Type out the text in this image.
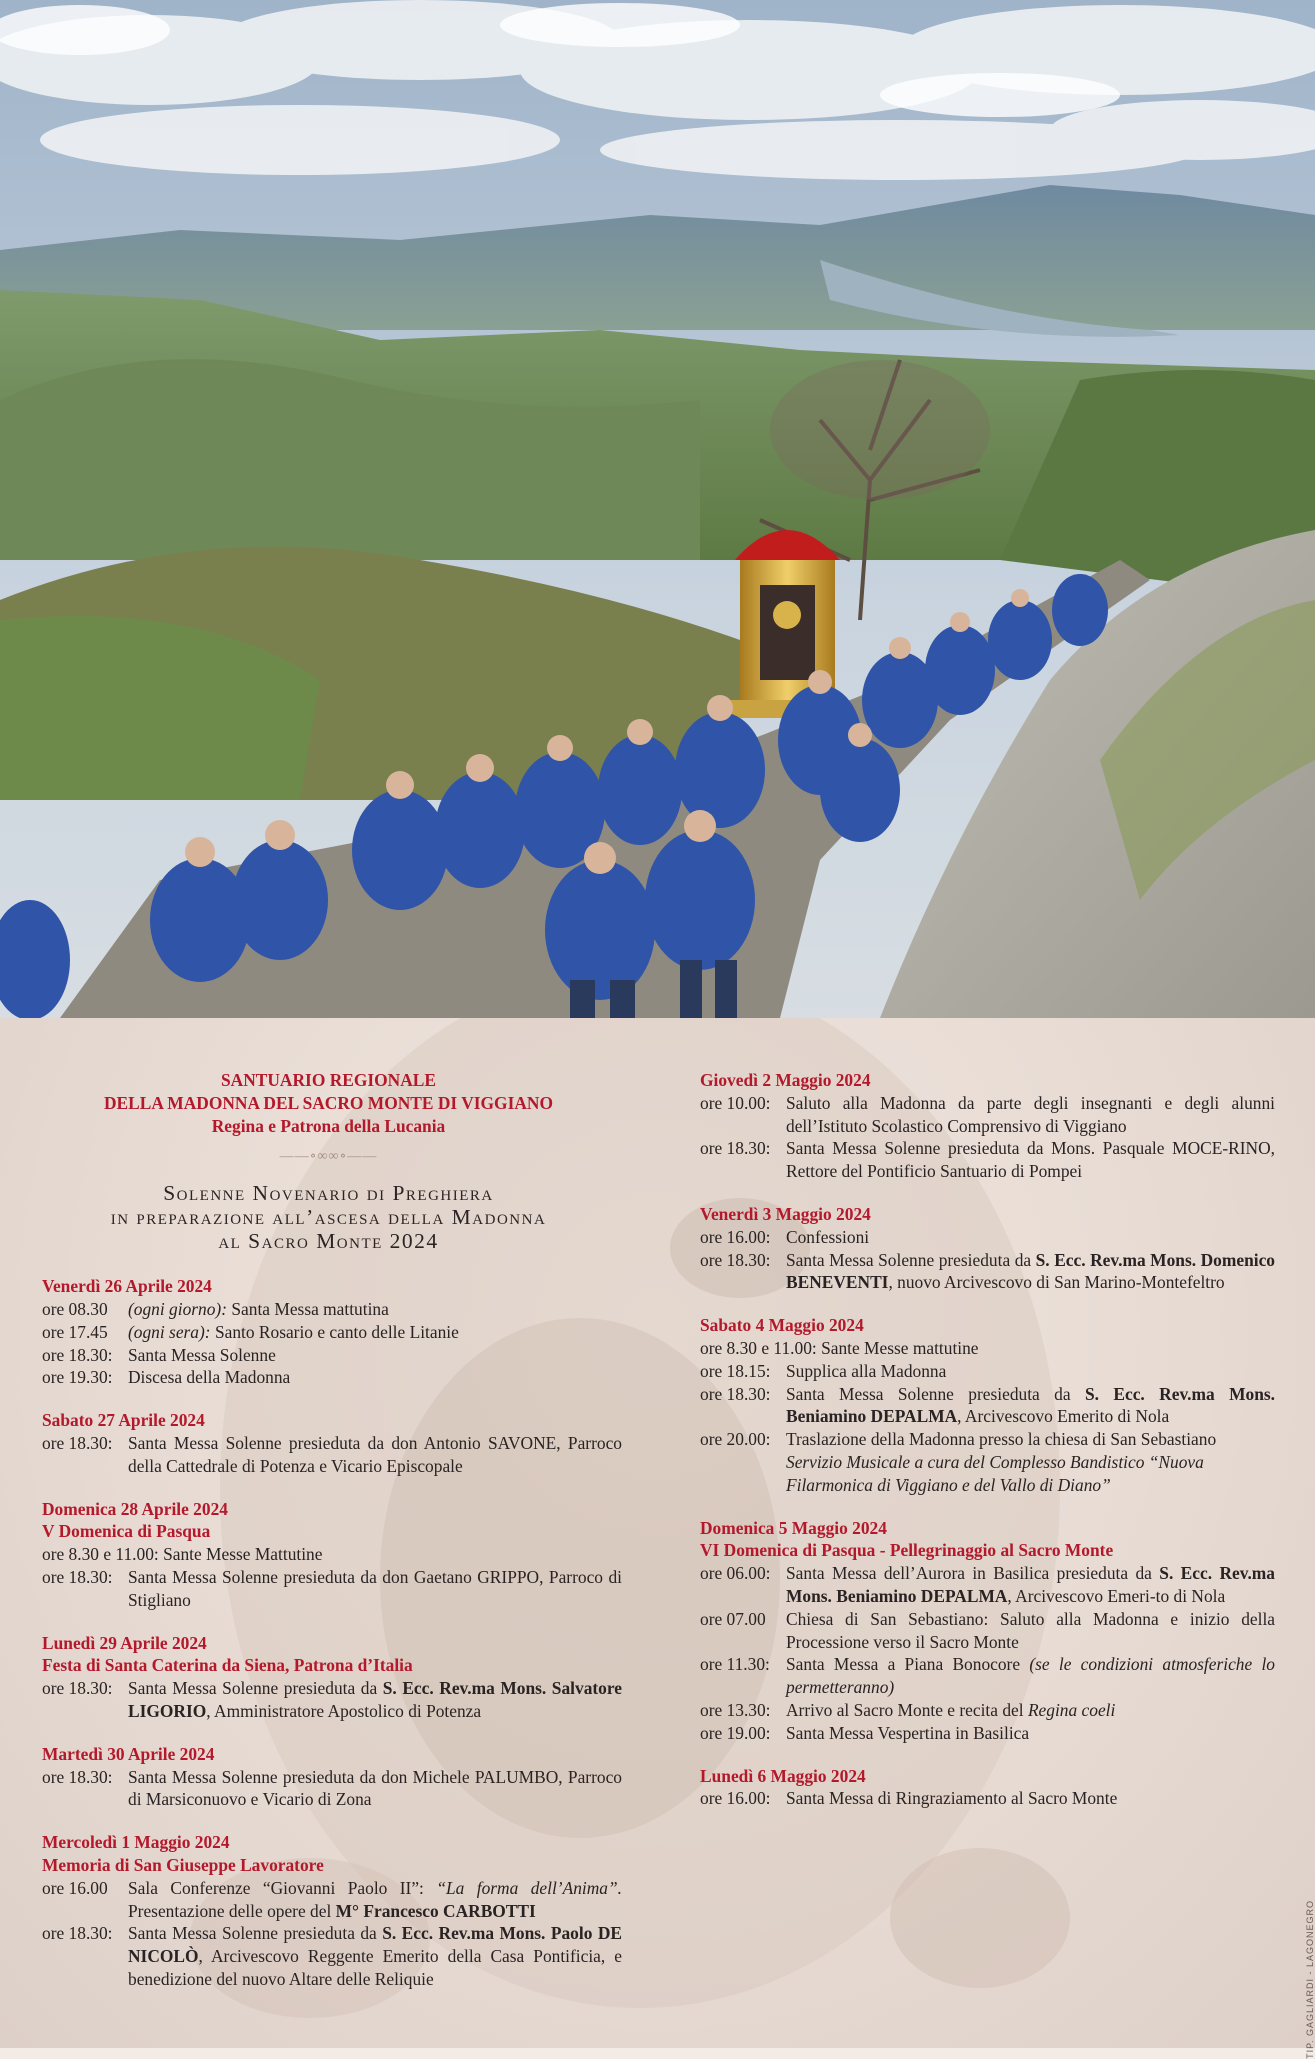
SANTUARIO REGIONALE
DELLA MADONNA DEL SACRO MONTE DI VIGGIANO
Regina e Patrona della Lucania
——∘∞∞∘——
Solenne Novenario di Preghiera
in preparazione all’ascesa della Madonna
al Sacro Monte 2024
Venerdì 26 Aprile 2024
ore 08.30	(ogni giorno): Santa Messa mattutina
ore 17.45	(ogni sera): Santo Rosario e canto delle Litanie
ore 18.30: Santa Messa Solenne
ore 19.30: Discesa della Madonna
Sabato 27 Aprile 2024
ore 18.30: Santa Messa Solenne presieduta da don Antonio SAVONE, Parroco della Cattedrale di Potenza e Vicario Episcopale
Domenica 28 Aprile 2024
V Domenica di Pasqua
ore 8.30 e 11.00: Sante Messe Mattutine
ore 18.30: Santa Messa Solenne presieduta da don Gaetano GRIPPO, Parroco di Stigliano
Lunedì 29 Aprile 2024
Festa di Santa Caterina da Siena, Patrona d’Italia
ore 18.30: Santa Messa Solenne presieduta da S. Ecc. Rev.ma Mons. Salvatore LIGORIO, Amministratore Apostolico di Potenza
Martedì 30 Aprile 2024
ore 18.30: Santa Messa Solenne presieduta da don Michele PALUMBO, Parroco di Marsiconuovo e Vicario di Zona
Mercoledì 1 Maggio 2024
Memoria di San Giuseppe Lavoratore
ore 16.00	Sala Conferenze “Giovanni Paolo II”: “La forma dell’Anima”. Presentazione delle opere del M° Francesco CARBOTTI
ore 18.30: Santa Messa Solenne presieduta da S. Ecc. Rev.ma Mons. Paolo DE NICOLÒ, Arcivescovo Reggente Emerito della Casa Pontificia, e benedizione del nuovo Altare delle Reliquie
Giovedì 2 Maggio 2024
ore 10.00: Saluto alla Madonna da parte degli insegnanti e degli alunni dell’Istituto Scolastico Comprensivo di Viggiano
ore 18.30: Santa Messa Solenne presieduta da Mons. Pasquale MOCE-RINO, Rettore del Pontificio Santuario di Pompei
Venerdì 3 Maggio 2024
ore 16.00: Confessioni
ore 18.30: Santa Messa Solenne presieduta da S. Ecc. Rev.ma Mons. Domenico BENEVENTI, nuovo Arcivescovo di San Marino-Montefeltro
Sabato 4 Maggio 2024
ore 8.30 e 11.00: Sante Messe mattutine
ore 18.15: Supplica alla Madonna
ore 18.30: Santa Messa Solenne presieduta da S. Ecc. Rev.ma Mons. Beniamino DEPALMA, Arcivescovo Emerito di Nola
ore 20.00: Traslazione della Madonna presso la chiesa di San Sebastiano
Servizio Musicale a cura del Complesso Bandistico “Nuova Filarmonica di Viggiano e del Vallo di Diano”
Domenica 5 Maggio 2024
VI Domenica di Pasqua - Pellegrinaggio al Sacro Monte
ore 06.00: Santa Messa dell’Aurora in Basilica presieduta da S. Ecc. Rev.ma Mons. Beniamino DEPALMA, Arcivescovo Emeri-to di Nola
ore 07.00	Chiesa di San Sebastiano: Saluto alla Madonna e inizio della Processione verso il Sacro Monte
ore 11.30: Santa Messa a Piana Bonocore (se le condizioni atmosferiche lo permetteranno)
ore 13.30: Arrivo al Sacro Monte e recita del Regina coeli
ore 19.00: Santa Messa Vespertina in Basilica
Lunedì 6 Maggio 2024
ore 16.00: Santa Messa di Ringraziamento al Sacro Monte
TIP. GAGLIARDI - LAGONEGRO
